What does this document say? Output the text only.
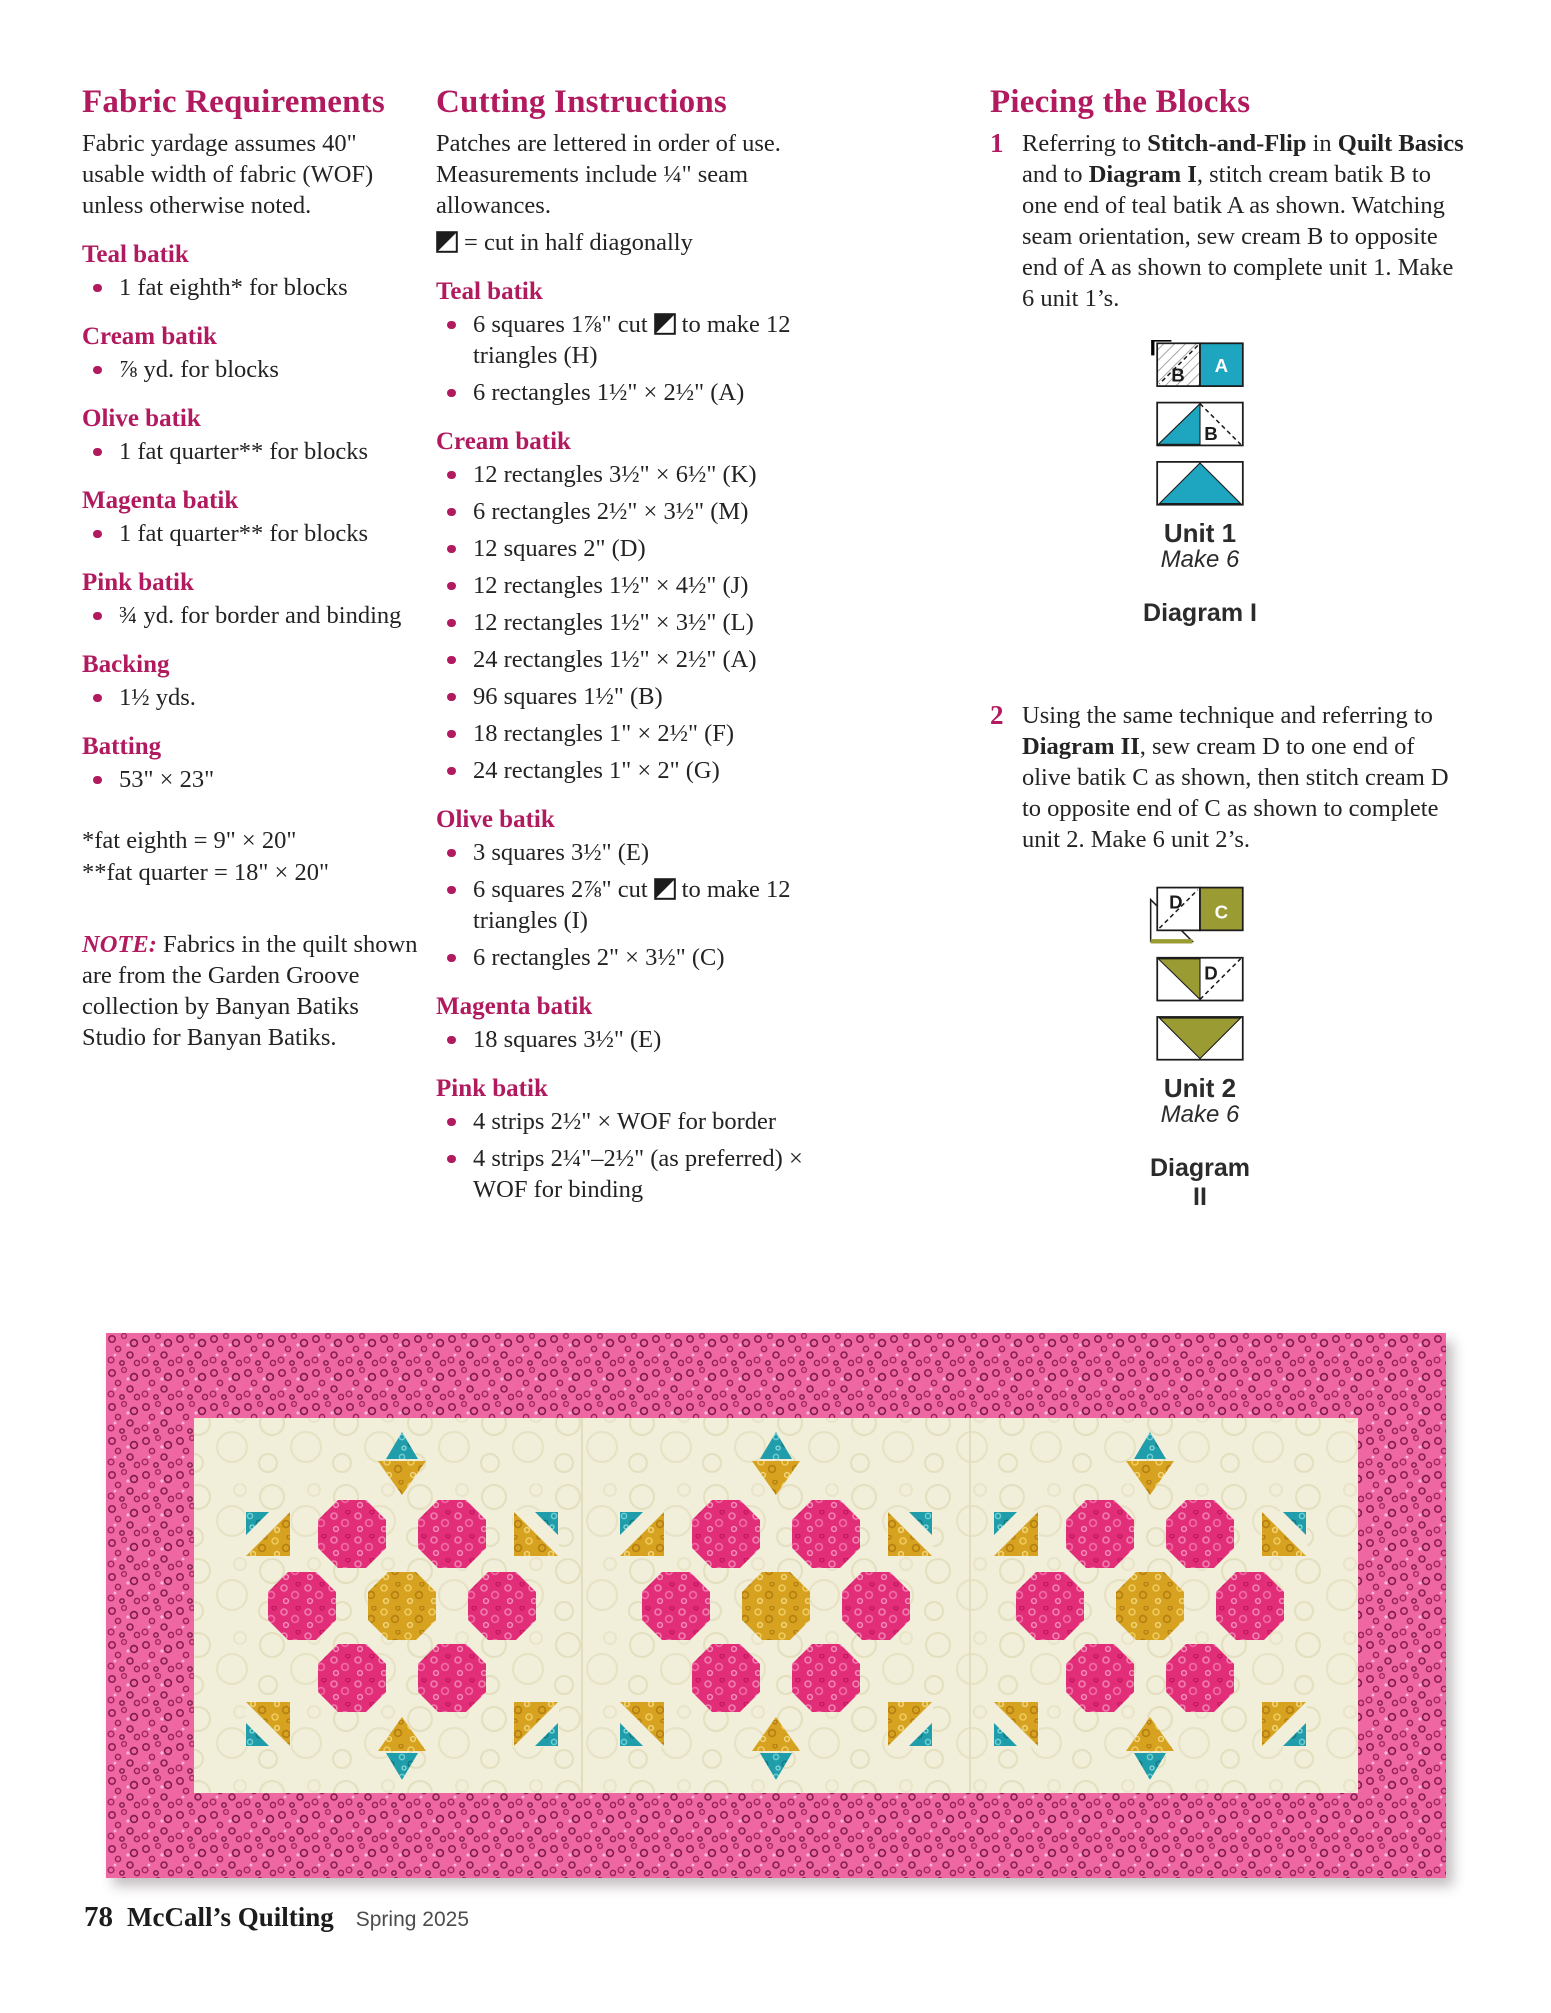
Fabric Requirements

Fabric yardage assumes 40" usable width of fabric (WOF) unless otherwise noted.

Teal batik
1 fat eighth* for blocks
Cream batik
⅞ yd. for blocks
Olive batik
1 fat quarter** for blocks
Magenta batik
1 fat quarter** for blocks
Pink batik
¾ yd. for border and binding
Backing
1½ yds.
Batting
53" × 23"
*fat eighth = 9" × 20"
**fat quarter = 18" × 20"

NOTE: Fabrics in the quilt shown are from the Garden Groove collection by Banyan Batiks Studio for Banyan Batiks.

Cutting Instructions

Patches are lettered in order of use. Measurements include ¼" seam allowances.

= cut in half diagonally

Teal batik
6 squares 1⅞" cut to make 12 triangles (H)
6 rectangles 1½" × 2½" (A)
Cream batik
12 rectangles 3½" × 6½" (K)
6 rectangles 2½" × 3½" (M)
12 squares 2" (D)
12 rectangles 1½" × 4½" (J)
12 rectangles 1½" × 3½" (L)
24 rectangles 1½" × 2½" (A)
96 squares 1½" (B)
18 rectangles 1" × 2½" (F)
24 rectangles 1" × 2" (G)
Olive batik
3 squares 3½" (E)
6 squares 2⅞" cut to make 12 triangles (I)
6 rectangles 2" × 3½" (C)
Magenta batik
18 squares 3½" (E)
Pink batik
4 strips 2½" × WOF for border
4 strips 2¼"–2½" (as preferred) × WOF for binding
Piecing the Blocks
1 Referring to Stitch-and-Flip in Quilt Basics and to Diagram I, stitch cream batik B to one end of teal batik A as shown. Watching seam orientation, sew cream B to opposite end of A as shown to complete unit 1. Make 6 unit 1’s.
B A
B
Unit 1
Make 6
Diagram I
2 Using the same technique and referring to Diagram II, sew cream D to one end of olive batik C as shown, then stitch cream D to opposite end of C as shown to complete unit 2. Make 6 unit 2’s.
D C
D
Unit 2
Make 6
Diagram II
78 McCall’s Quilting Spring 2025
